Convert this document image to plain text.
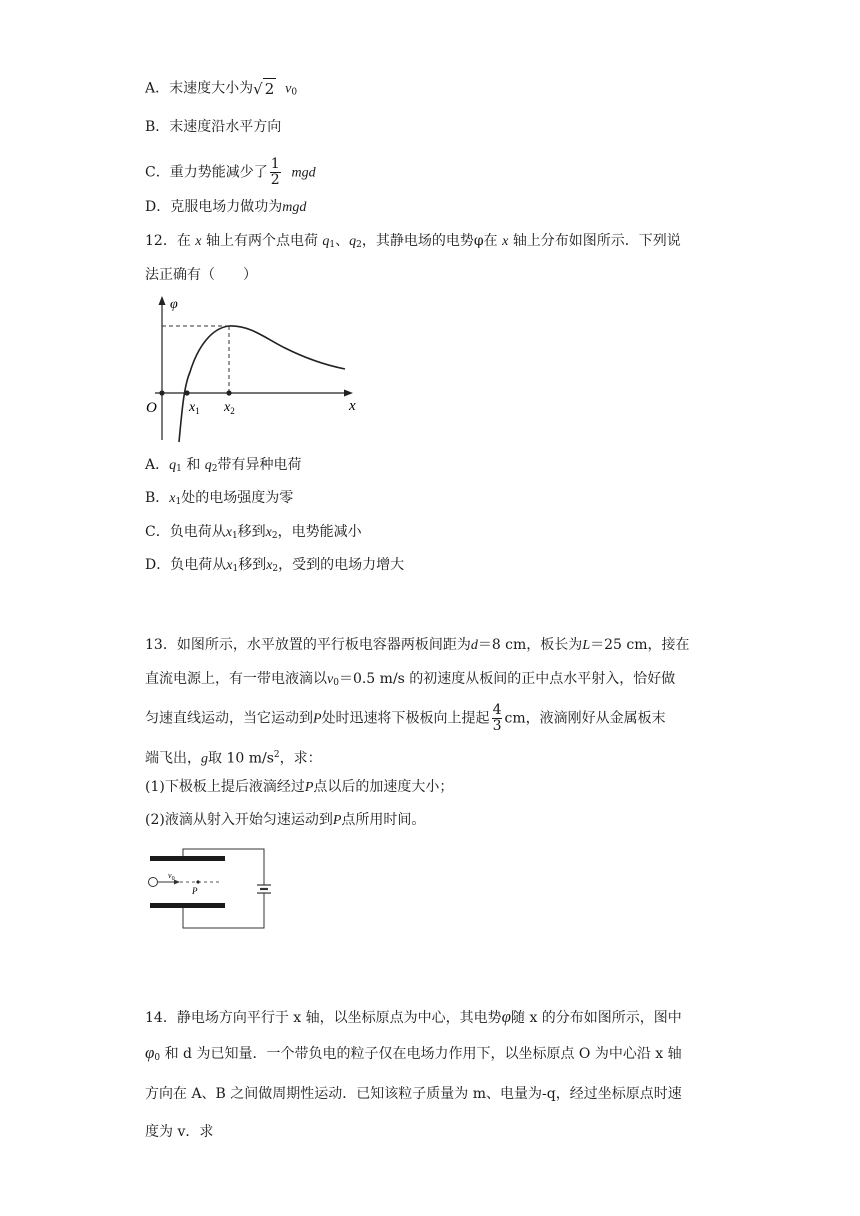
A．末速度大小为√ 2 $v_0$
B．末速度沿水平方向
C．重力势能减少了 $\frac{1}{2}$ mgd
D．克服电场力做功为mgd
12．在 x 轴上有两个点电荷 $q_1$、$q_2$，其静电场的电势φ在 x 轴上分布如图所示．下列说
法正确有（　　）
φ
x
O $x_1$ $x_2$
A．$q_1$ 和 $q_2$带有异种电荷
B．$x_1$处的电场强度为零
C．负电荷从$x_1$移到$x_2$，电势能减小
D．负电荷从$x_1$移到$x_2$，受到的电场力增大
13．如图所示，水平放置的平行板电容器两板间距为d＝8 cm，板长为L＝25 cm，接在
直流电源上，有一带电液滴以$v_0=0.5$ m/s 的初速度从板间的正中点水平射入，恰好做
匀速直线运动，当它运动到P处时迅速将下极板向上提起 $\frac{4}{3}$ cm，液滴刚好从金属板末
端飞出，g取 10 $m/s^2$，求：
(1)下极板上提后液滴经过P点以后的加速度大小；
(2)液滴从射入开始匀速运动到P点所用时间。
$v_0$
P
14．静电场方向平行于 x 轴，以坐标原点为中心，其电势φ随 x 的分布如图所示，图中
$\varphi_0$ 和 d 为已知量．一个带负电的粒子仅在电场力作用下，以坐标原点 O 为中心沿 x 轴
方向在 A、B 之间做周期性运动．已知该粒子质量为 m、电量为-q，经过坐标原点时速
度为 v．求
